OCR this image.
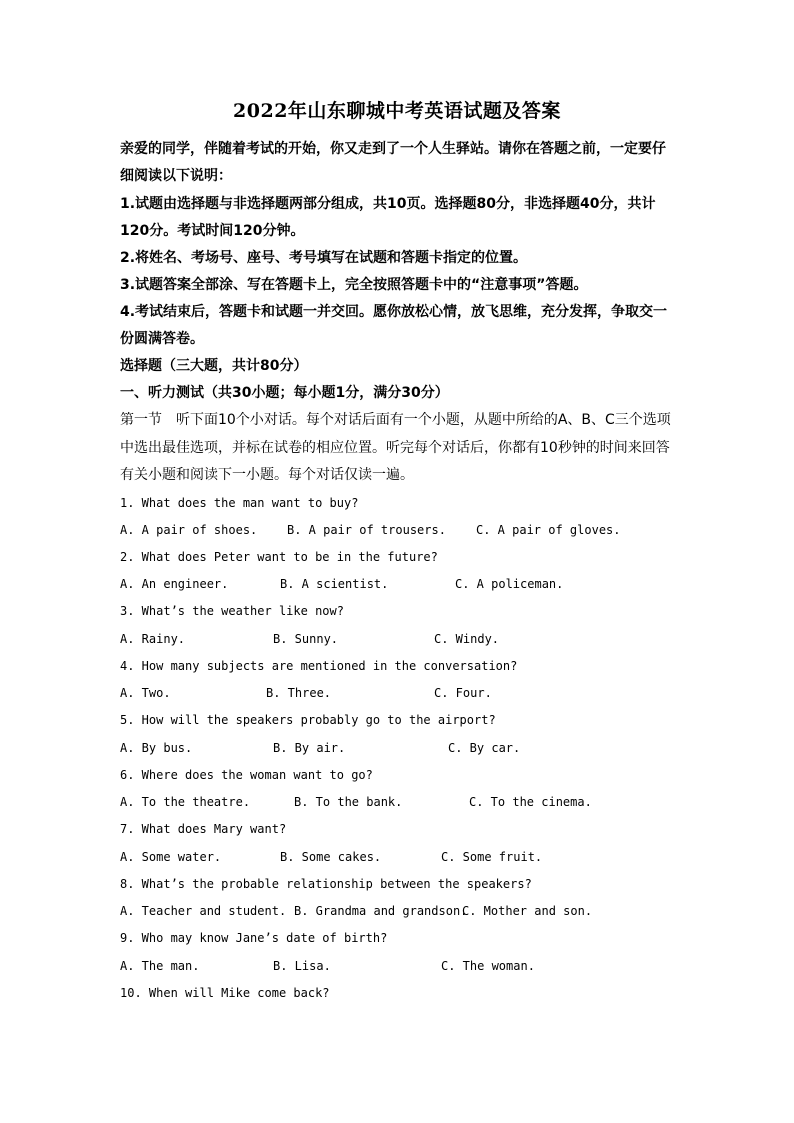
2022年山东聊城中考英语试题及答案
亲爱的同学，伴随着考试的开始，你又走到了一个人生驿站。请你在答题之前，一定要仔
细阅读以下说明：
1.试题由选择题与非选择题两部分组成，共10页。选择题80分，非选择题40分，共计
120分。考试时间120分钟。
2.将姓名、考场号、座号、考号填写在试题和答题卡指定的位置。
3.试题答案全部涂、写在答题卡上，完全按照答题卡中的“注意事项”答题。
4.考试结束后，答题卡和试题一并交回。愿你放松心情，放飞思维，充分发挥，争取交一
份圆满答卷。
选择题（三大题，共计80分）
一、听力测试（共30小题；每小题1分，满分30分）
第一节　听下面10个小对话。每个对话后面有一个小题，从题中所给的A、B、C三个选项
中选出最佳选项，并标在试卷的相应位置。听完每个对话后，你都有10秒钟的时间来回答
有关小题和阅读下一小题。每个对话仅读一遍。
1. What does the man want to buy?
A. A pair of shoes. B. A pair of trousers.	C. A pair of gloves.
2. What does Peter want to be in the future?
A. An engineer.	B. A scientist.	C. A policeman.
3. What’s the weather like now?
A. Rainy.	B. Sunny.	C. Windy.
4. How many subjects are mentioned in the conversation?
A. Two.	B. Three.	C. Four.
5. How will the speakers probably go to the airport?
A. By bus.	B. By air.	C. By car.
6. Where does the woman want to go?
A. To the theatre.	B. To the bank.	C. To the cinema.
7. What does Mary want?
A. Some water.	B. Some cakes.	C. Some fruit.
8. What’s the probable relationship between the speakers?
A. Teacher and student. B. Grandma and grandson.
C. Mother and son.
9. Who may know Jane’s date of birth?
A. The man.	B. Lisa.	C. The woman.
10. When will Mike come back?
